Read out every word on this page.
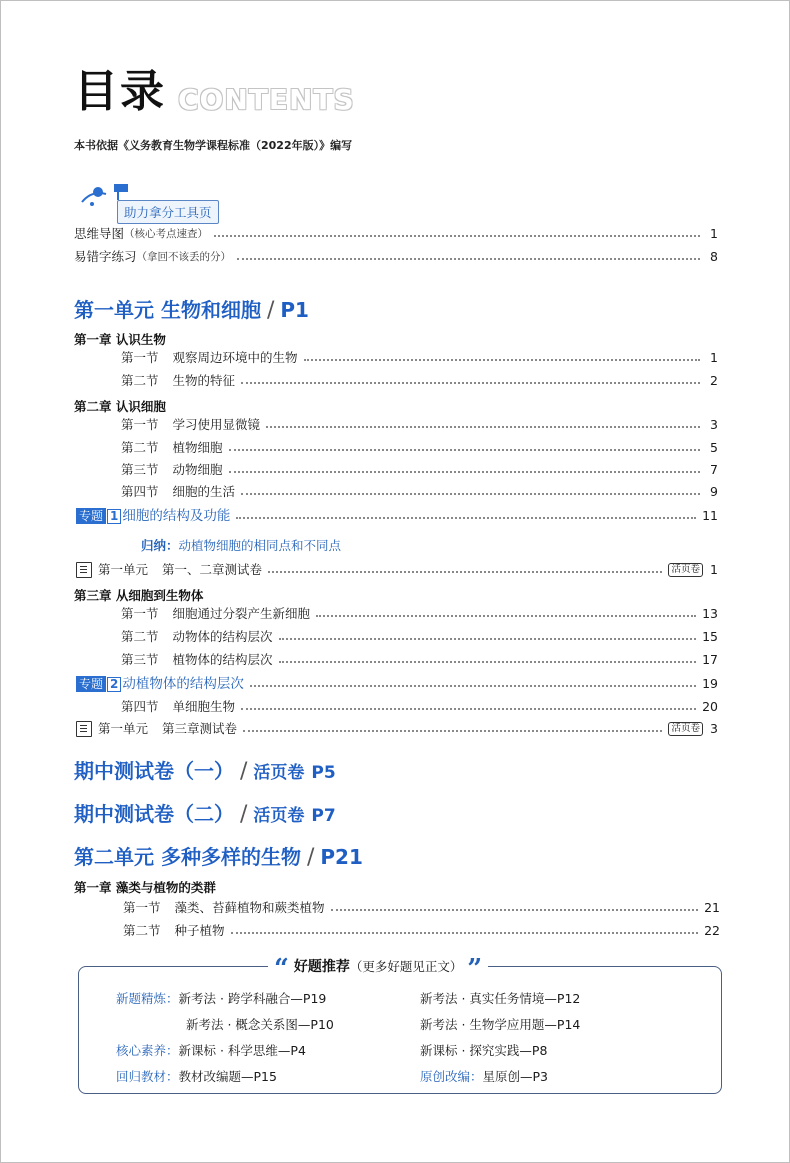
目录 CONTENTS
本书依据《义务教育生物学课程标准（2022年版）》编写
助力拿分工具页
思维导图 （核心考点速查）	1
易错字练习 （拿回不该丢的分）	8
第一单元 生物和细胞 / P1
第一章 认识生物
第一节 观察周边环境中的生物	1
第二节 生物的特征	2
第二章 认识细胞
第一节 学习使用显微镜	3
第二节 植物细胞	5
第三节 动物细胞	7
第四节 细胞的生活	9
专题 1 细胞的结构及功能	11
归纳：动植物细胞的相同点和不同点
第一单元 第一、二章测试卷	活页卷 1
第三章 从细胞到生物体
第一节 细胞通过分裂产生新细胞	13
第二节 动物体的结构层次	15
第三节 植物体的结构层次	17
专题 2 动植物体的结构层次	19
第四节 单细胞生物	20
第一单元 第三章测试卷	活页卷 3
期中测试卷（一） / 活页卷 P5
期中测试卷（二） / 活页卷 P7
第二单元 多种多样的生物 / P21
第一章 藻类与植物的类群
第一节 藻类、苔藓植物和蕨类植物	21
第二节 种子植物	22
“ 好题推荐（更多好题见正文） ”
新题精炼：新考法 · 跨学科融合—P19	新考法 · 真实任务情境—P12
新考法 · 概念关系图—P10	新考法 · 生物学应用题—P14
核心素养：新课标 · 科学思维—P4	新课标 · 探究实践—P8
回归教材：教材改编题—P15	原创改编：星原创—P3
